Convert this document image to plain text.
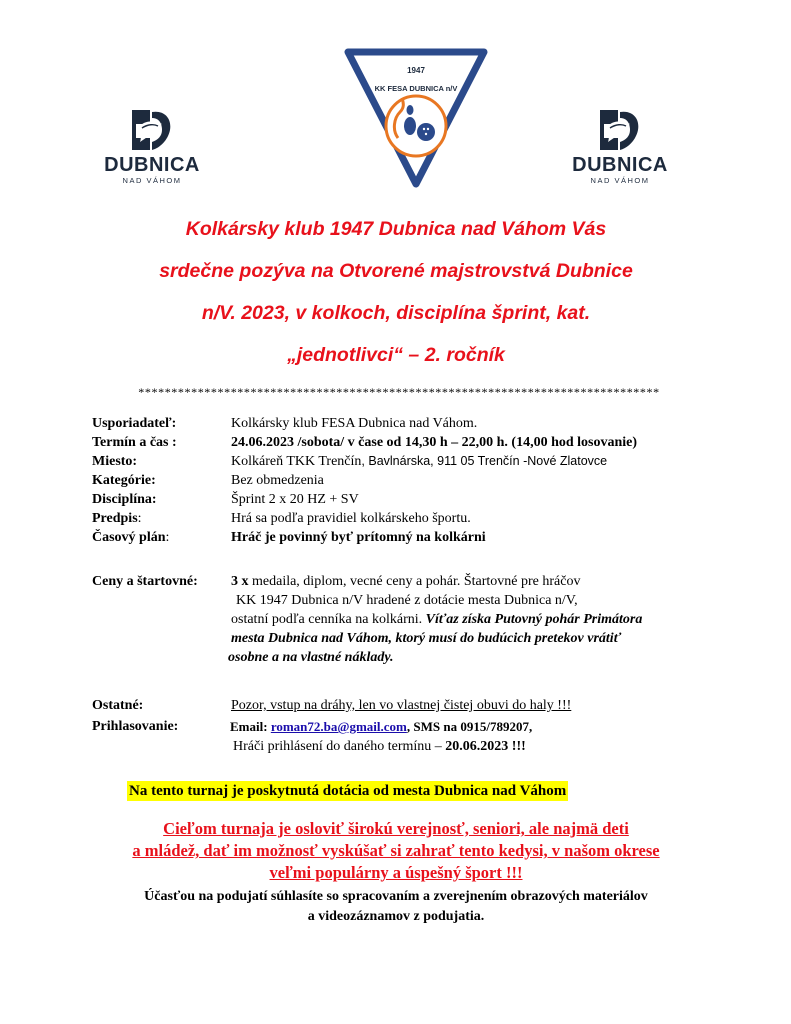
DUBNICA
NAD VÁHOM
DUBNICA
NAD VÁHOM
1947
KK FESA DUBNICA n/V
Kolkársky klub 1947 Dubnica nad Váhom Vás
srdečne pozýva na Otvorené majstrovstvá Dubnice
n/V. 2023, v kolkoch, disciplína šprint, kat.
„jednotlivci“ – 2. ročník
*******************************************************************************
Usporiadateľ:	Kolkársky klub FESA Dubnica nad Váhom.
Termín a čas :	24.06.2023 /sobota/ v čase od 14,30 h – 22,00 h. (14,00 hod losovanie)
Miesto:	Kolkáreň TKK Trenčín, Bavlnárska, 911 05 Trenčín -Nové Zlatovce
Kategórie:	Bez obmedzenia
Disciplína:	Šprint 2 x 20 HZ + SV
Predpis:	Hrá sa podľa pravidiel kolkárskeho športu.
Časový plán:	Hráč je povinný byť prítomný na kolkárni
Ceny a štartovné: 3 x medaila, diplom, vecné ceny a pohár. Štartovné pre hráčov
KK 1947 Dubnica n/V hradené z dotácie mesta Dubnica n/V,
ostatní podľa cenníka na kolkárni. Víťaz získa Putovný pohár Primátora
mesta Dubnica nad Váhom, ktorý musí do budúcich pretekov vrátiť
osobne a na vlastné náklady.
Ostatné:	Pozor, vstup na dráhy, len vo vlastnej čistej obuvi do haly !!!
Prihlasovanie:	Email: roman72.ba@gmail.com, SMS na 0915/789207,
Hráči prihlásení do daného termínu – 20.06.2023 !!!
Na tento turnaj je poskytnutá dotácia od mesta Dubnica nad Váhom
Cieľom turnaja je osloviť širokú verejnosť, seniori, ale najmä deti
a mládež, dať im možnosť vyskúšať si zahrať tento kedysi, v našom okrese
veľmi populárny a úspešný šport !!!
Účasťou na podujatí súhlasíte so spracovaním a zverejnením obrazových materiálov
a videozáznamov z podujatia.
